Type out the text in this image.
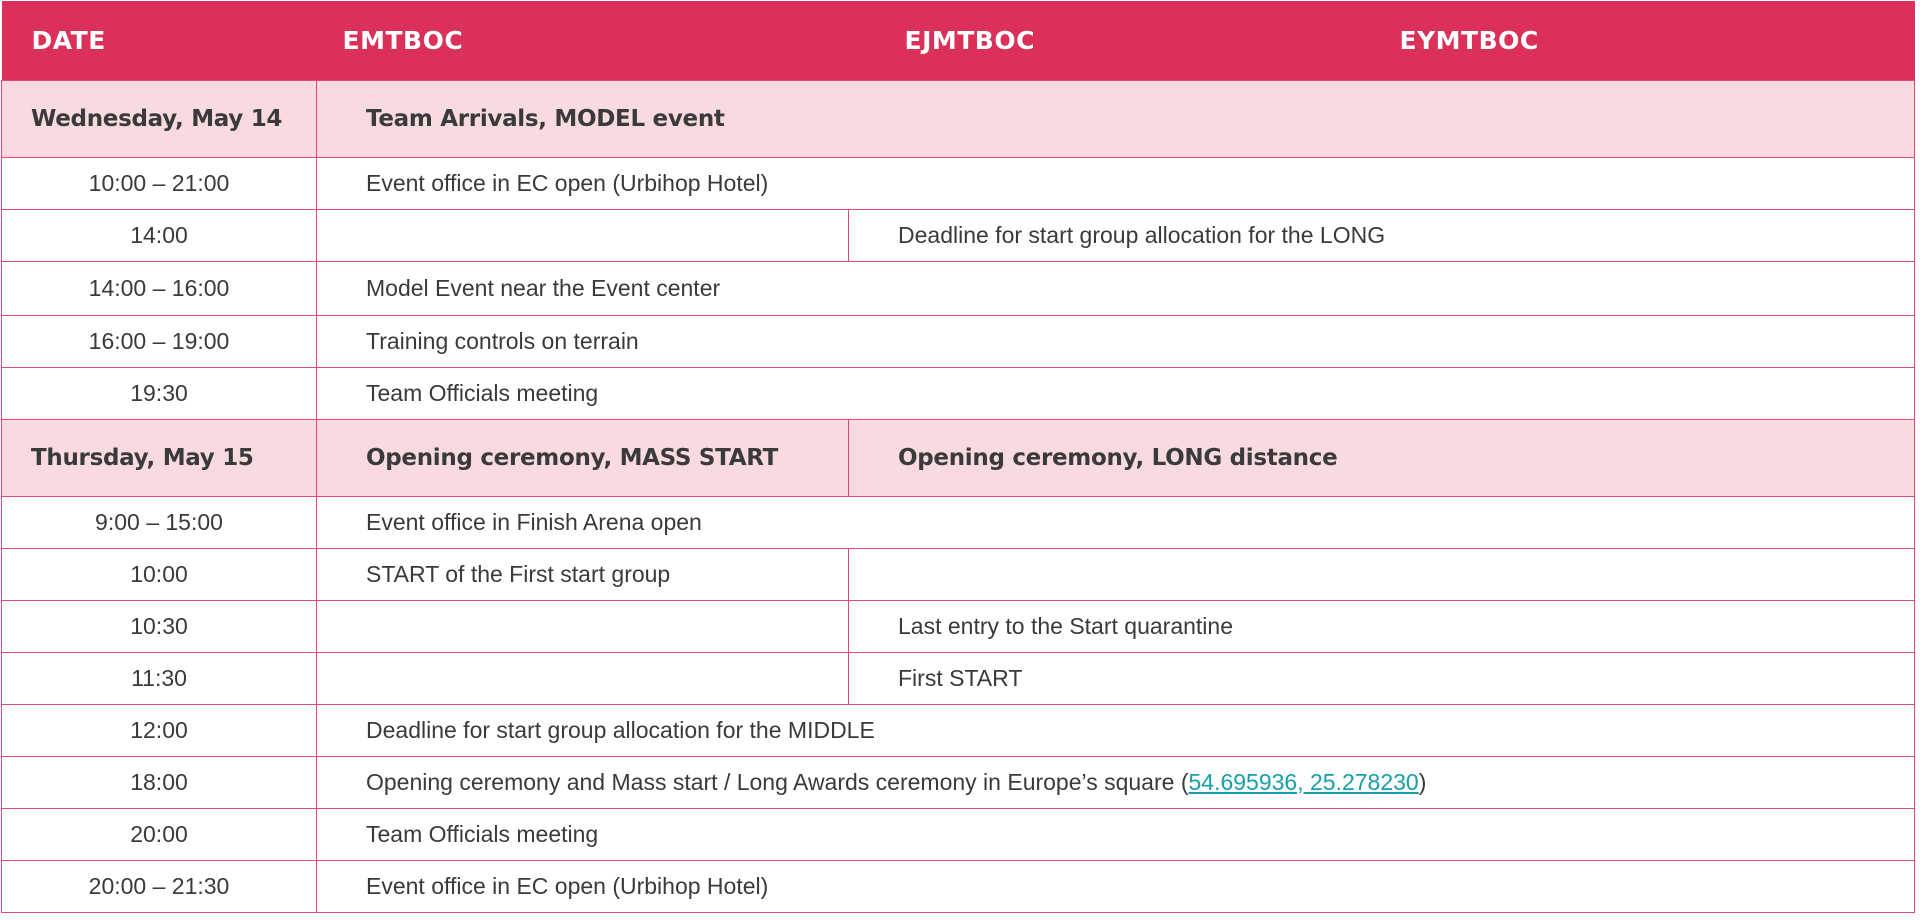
DATE	EMTBOC	EJMTBOC	EYMTBOC
Wednesday, May 14	Team Arrivals, MODEL event		
10:00 – 21:00	Event office in EC open (Urbihop Hotel)		
14:00		Deadline for start group allocation for the LONG	
14:00 – 16:00	Model Event near the Event center		
16:00 – 19:00	Training controls on terrain		
19:30	Team Officials meeting		
Thursday, May 15	Opening ceremony, MASS START	Opening ceremony, LONG distance	
9:00 – 15:00	Event office in Finish Arena open		
10:00	START of the First start group		
10:30		Last entry to the Start quarantine	
11:30		First START	
12:00	Deadline for start group allocation for the MIDDLE		
18:00	Opening ceremony and Mass start / Long Awards ceremony in Europe’s square (54.695936, 25.278230)		
20:00	Team Officials meeting		
20:00 – 21:30	Event office in EC open (Urbihop Hotel)		
